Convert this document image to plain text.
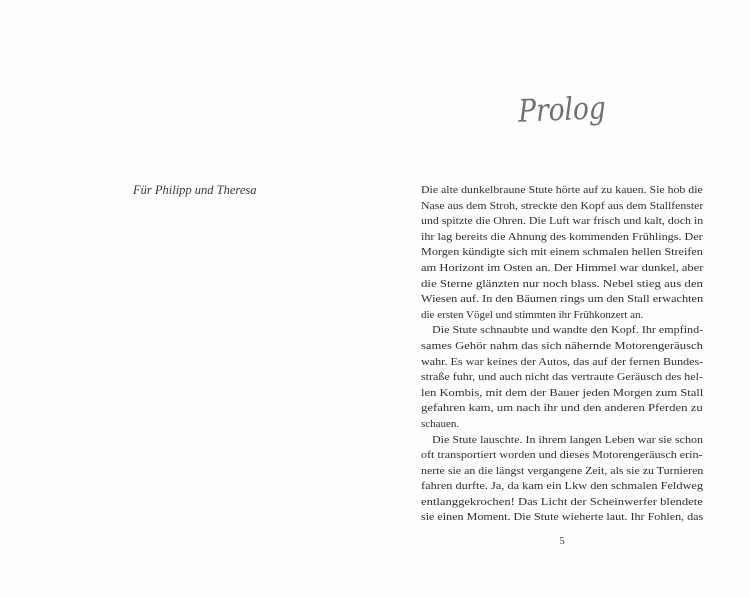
Für Philipp und Theresa
Prolog
Die alte dunkelbraune Stute hörte auf zu kauen. Sie hob die
Nase aus dem Stroh, streckte den Kopf aus dem Stallfenster
und spitzte die Ohren. Die Luft war frisch und kalt, doch in
ihr lag bereits die Ahnung des kommenden Frühlings. Der
Morgen kündigte sich mit einem schmalen hellen Streifen
am Horizont im Osten an. Der Himmel war dunkel, aber
die Sterne glänzten nur noch blass. Nebel stieg aus den
Wiesen auf. In den Bäumen rings um den Stall erwachten
die ersten Vögel und stimmten ihr Frühkonzert an.
Die Stute schnaubte und wandte den Kopf. Ihr empfind-
sames Gehör nahm das sich nähernde Motorengeräusch
wahr. Es war keines der Autos, das auf der fernen Bundes-
straße fuhr, und auch nicht das vertraute Geräusch des hel-
len Kombis, mit dem der Bauer jeden Morgen zum Stall
gefahren kam, um nach ihr und den anderen Pferden zu
schauen.
Die Stute lauschte. In ihrem langen Leben war sie schon
oft transportiert worden und dieses Motorengeräusch erin-
nerte sie an die längst vergangene Zeit, als sie zu Turnieren
fahren durfte. Ja, da kam ein Lkw den schmalen Feldweg
entlanggekrochen! Das Licht der Scheinwerfer blendete
sie einen Moment. Die Stute wieherte laut. Ihr Fohlen, das
5
